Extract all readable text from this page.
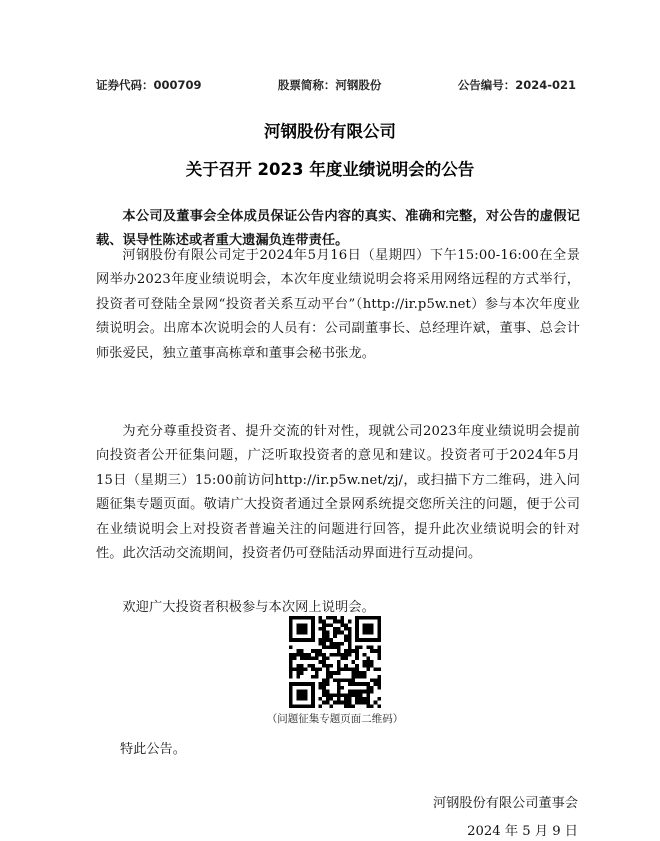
证券代码：000709	股票简称：河钢股份	公告编号：2024-021
河钢股份有限公司
关于召开 2023 年度业绩说明会的公告
本公司及董事会全体成员保证公告内容的真实、准确和完整，对公告的虚假记载、误导性陈述或者重大遗漏负连带责任。
河钢股份有限公司定于2024年5月16日（星期四）下午15:00-16:00在全景网举办2023年度业绩说明会，本次年度业绩说明会将采用网络远程的方式举行，投资者可登陆全景网“投资者关系互动平台”（http://ir.p5w.net）参与本次年度业绩说明会。出席本次说明会的人员有：公司副董事长、总经理许斌，董事、总会计师张爱民，独立董事高栋章和董事会秘书张龙。
为充分尊重投资者、提升交流的针对性，现就公司2023年度业绩说明会提前向投资者公开征集问题，广泛听取投资者的意见和建议。投资者可于2024年5月15日（星期三）15:00前访问http://ir.p5w.net/zj/，或扫描下方二维码，进入问题征集专题页面。敬请广大投资者通过全景网系统提交您所关注的问题，便于公司在业绩说明会上对投资者普遍关注的问题进行回答，提升此次业绩说明会的针对性。此次活动交流期间，投资者仍可登陆活动界面进行互动提问。
欢迎广大投资者积极参与本次网上说明会。
（问题征集专题页面二维码）
特此公告。
河钢股份有限公司董事会
2024 年 5 月 9 日
